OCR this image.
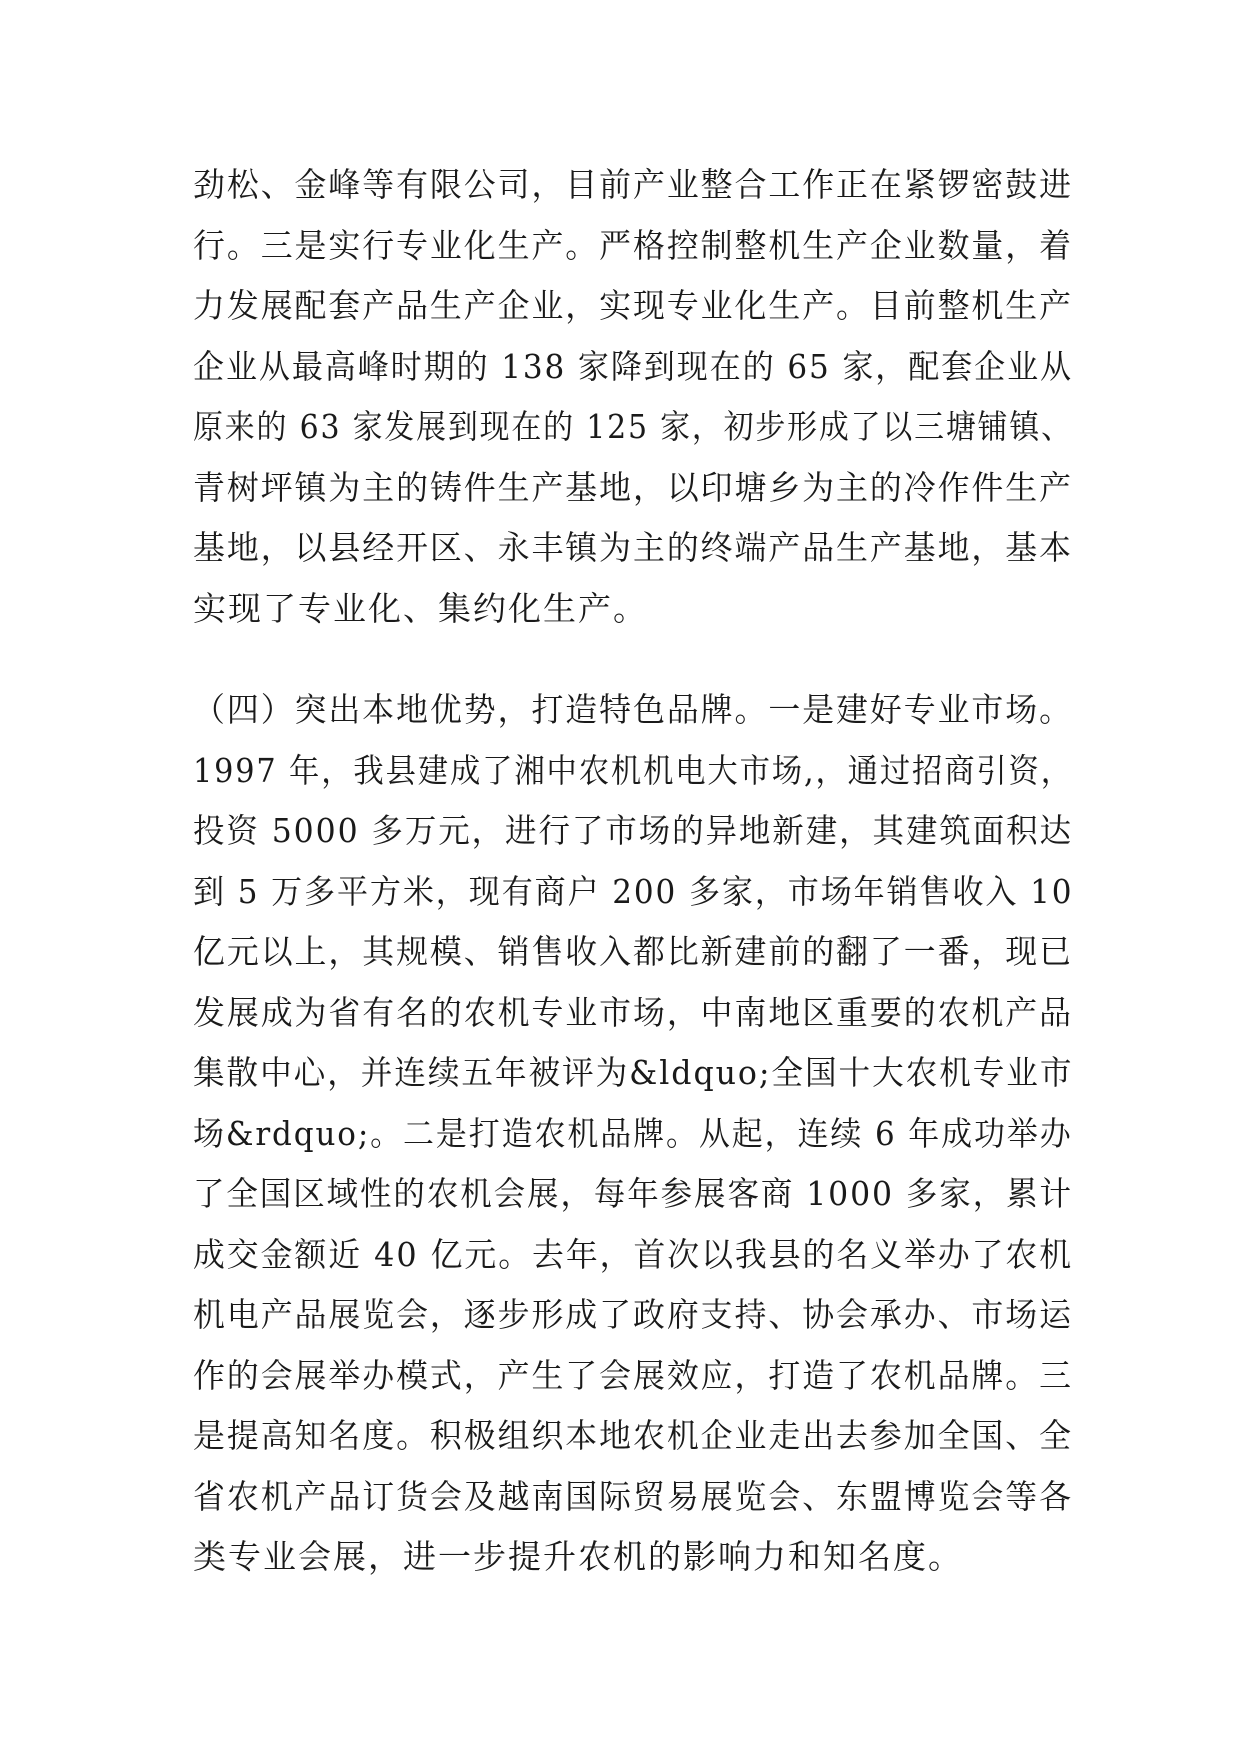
劲松、金峰等有限公司，目前产业整合工作正在紧锣密鼓进
行。三是实行专业化生产。严格控制整机生产企业数量，着
力发展配套产品生产企业，实现专业化生产。目前整机生产
企业从最高峰时期的 138 家降到现在的 65 家，配套企业从
原来的 63 家发展到现在的 125 家，初步形成了以三塘铺镇、
青树坪镇为主的铸件生产基地，以印塘乡为主的冷作件生产
基地，以县经开区、永丰镇为主的终端产品生产基地，基本
实现了专业化、集约化生产。
（四）突出本地优势，打造特色品牌。一是建好专业市场。
1997 年，我县建成了湘中农机机电大市场,，通过招商引资，
投资 5000 多万元，进行了市场的异地新建，其建筑面积达
到 5 万多平方米，现有商户 200 多家，市场年销售收入 10
亿元以上，其规模、销售收入都比新建前的翻了一番，现已
发展成为省有名的农机专业市场，中南地区重要的农机产品
集散中心，并连续五年被评为&ldquo;全国十大农机专业市
场&rdquo;。二是打造农机品牌。从起，连续 6 年成功举办
了全国区域性的农机会展，每年参展客商 1000 多家，累计
成交金额近 40 亿元。去年，首次以我县的名义举办了农机
机电产品展览会，逐步形成了政府支持、协会承办、市场运
作的会展举办模式，产生了会展效应，打造了农机品牌。三
是提高知名度。积极组织本地农机企业走出去参加全国、全
省农机产品订货会及越南国际贸易展览会、东盟博览会等各
类专业会展，进一步提升农机的影响力和知名度。
